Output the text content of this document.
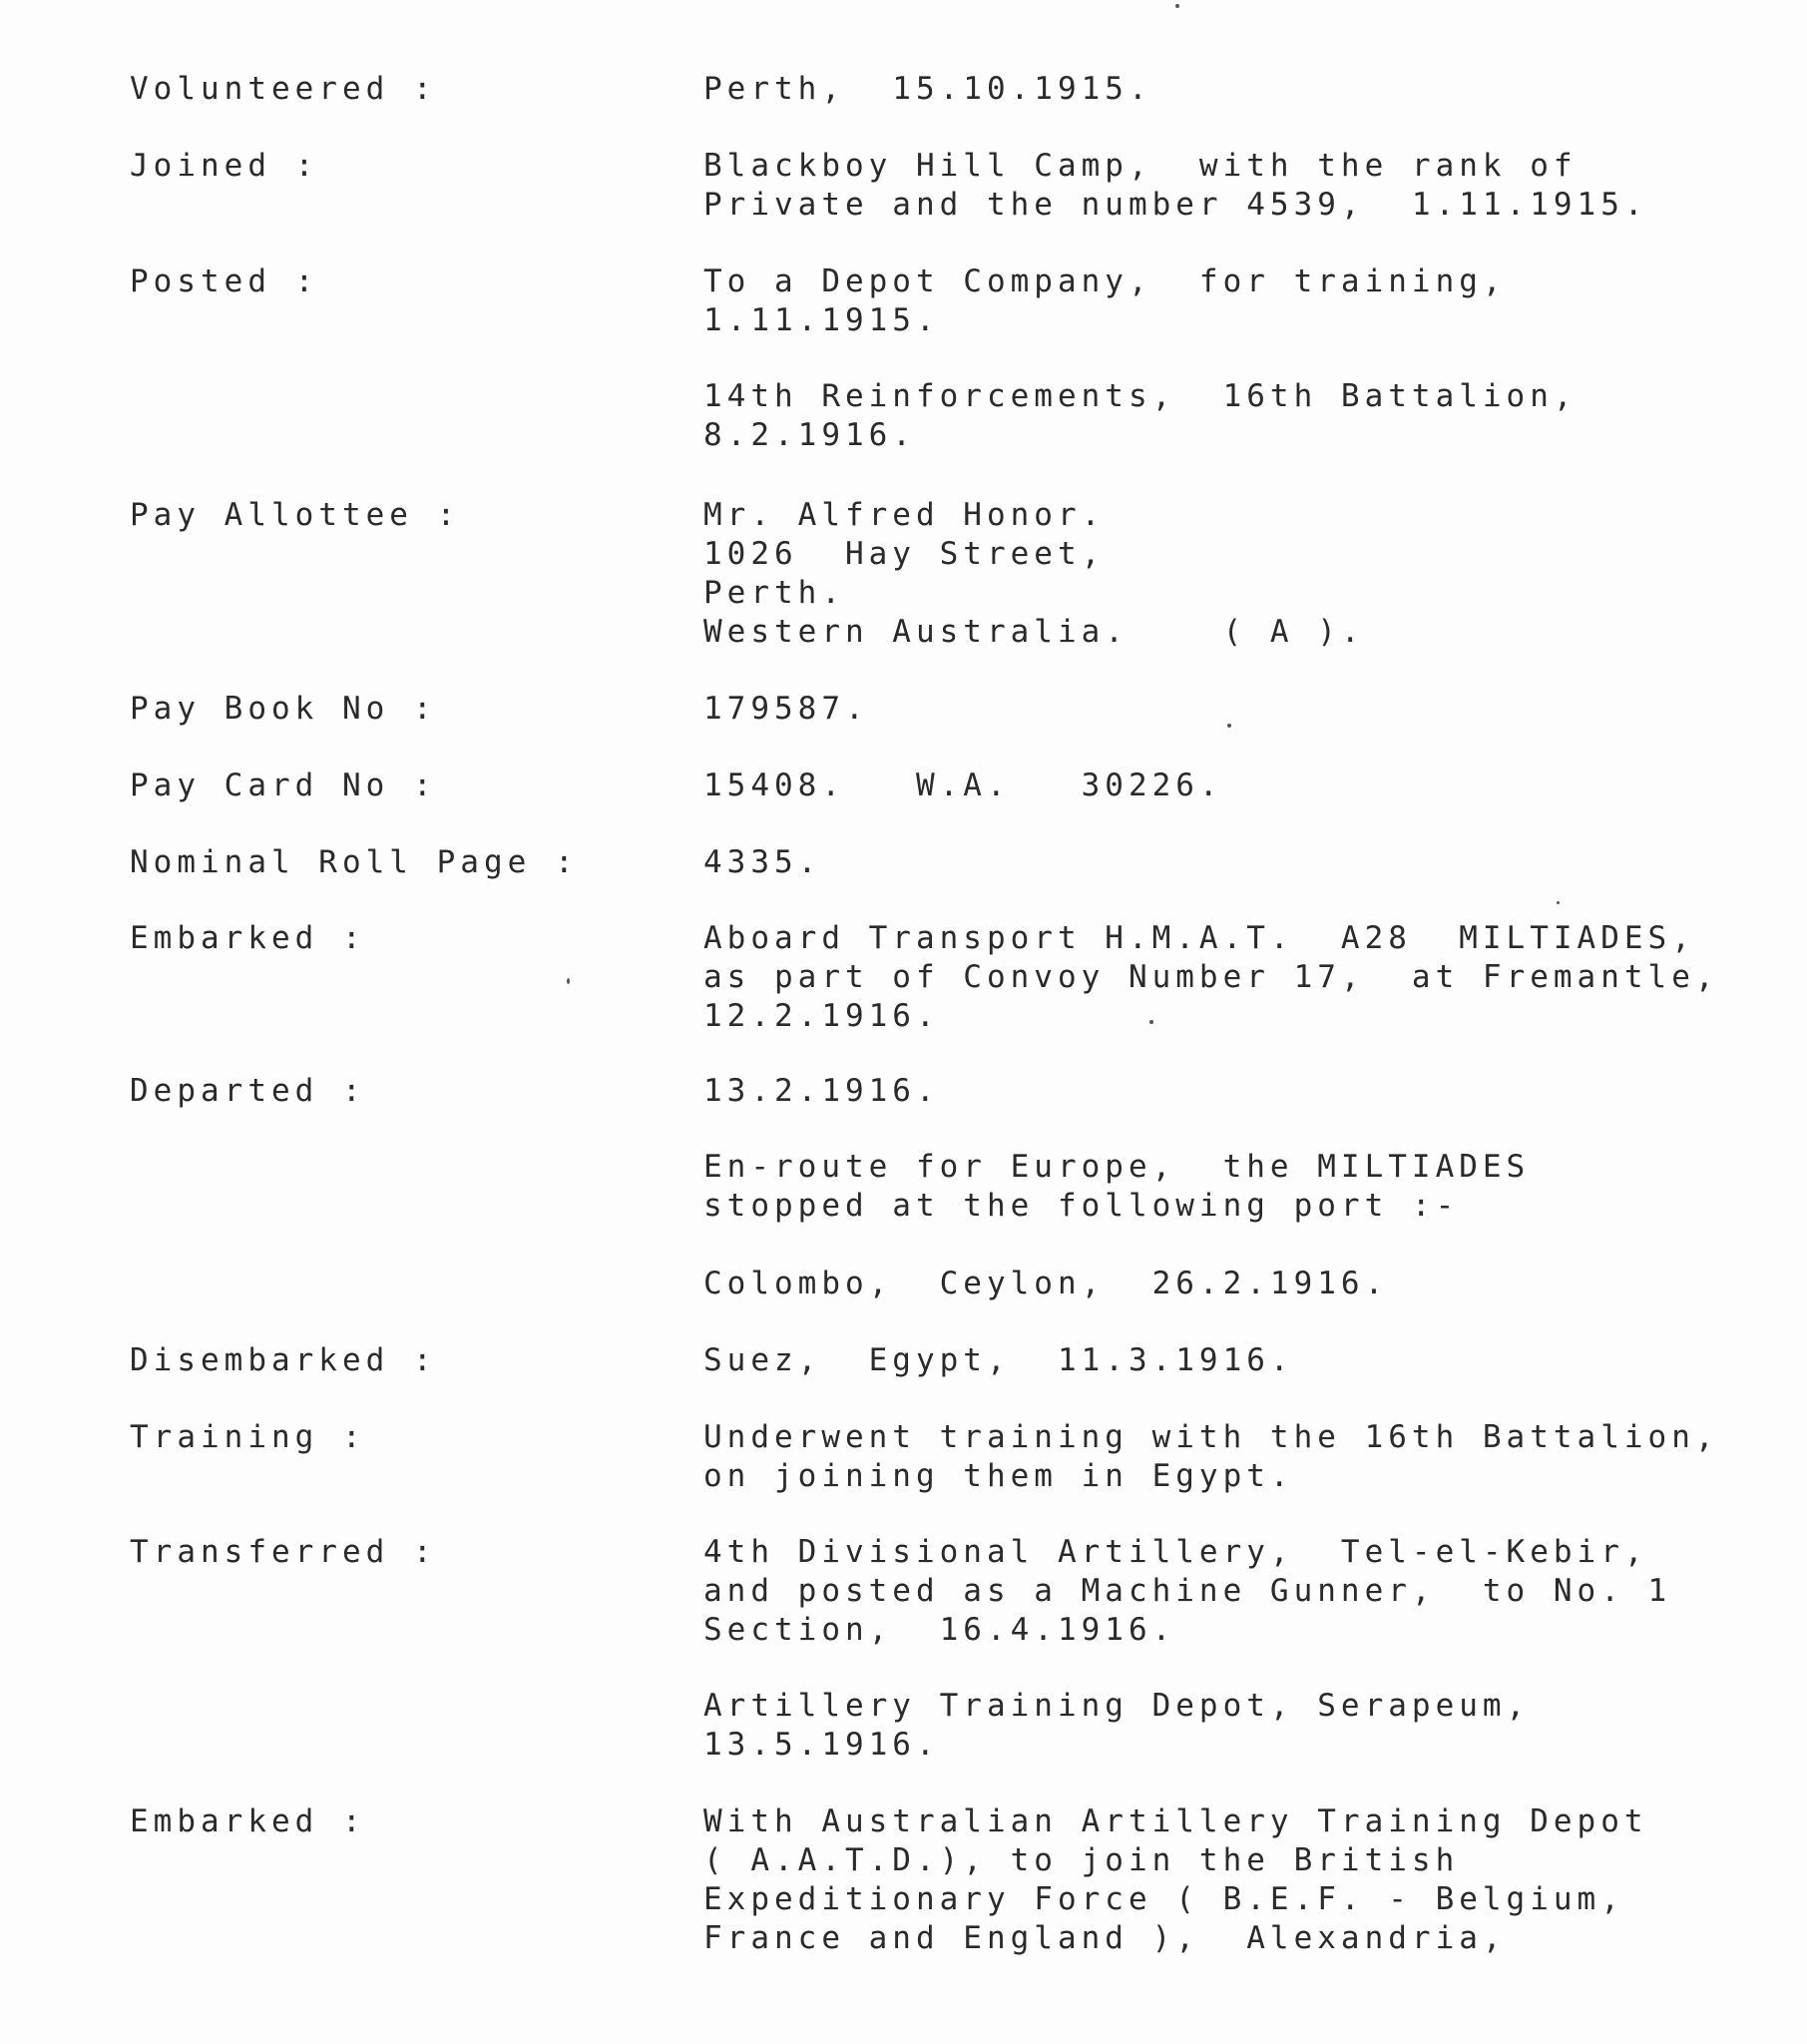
Volunteered :	Perth,  15.10.1915.
Joined :	Blackboy Hill Camp,  with the rank of
Private and the number 4539,  1.11.1915.
Posted :	To a Depot Company,  for training,
1.11.1915.
14th Reinforcements,  16th Battalion,
8.2.1916.
Pay Allottee :	Mr. Alfred Honor.
1026  Hay Street,
Perth.
Western Australia.    ( A ).
Pay Book No :	179587.
Pay Card No :	15408.   W.A.   30226.
Nominal Roll Page :	4335.
Embarked :	Aboard Transport H.M.A.T.  A28  MILTIADES,
as part of Convoy Number 17,  at Fremantle,
12.2.1916.
Departed :	13.2.1916.
En-route for Europe,  the MILTIADES
stopped at the following port :-
Colombo,  Ceylon,  26.2.1916.
Disembarked :	Suez,  Egypt,  11.3.1916.
Training :	Underwent training with the 16th Battalion,
on joining them in Egypt.
Transferred :	4th Divisional Artillery,  Tel-el-Kebir,
and posted as a Machine Gunner,  to No. 1
Section,  16.4.1916.
Artillery Training Depot, Serapeum,
13.5.1916.
Embarked :	With Australian Artillery Training Depot
( A.A.T.D.), to join the British
Expeditionary Force ( B.E.F. - Belgium,
France and England ),  Alexandria,
